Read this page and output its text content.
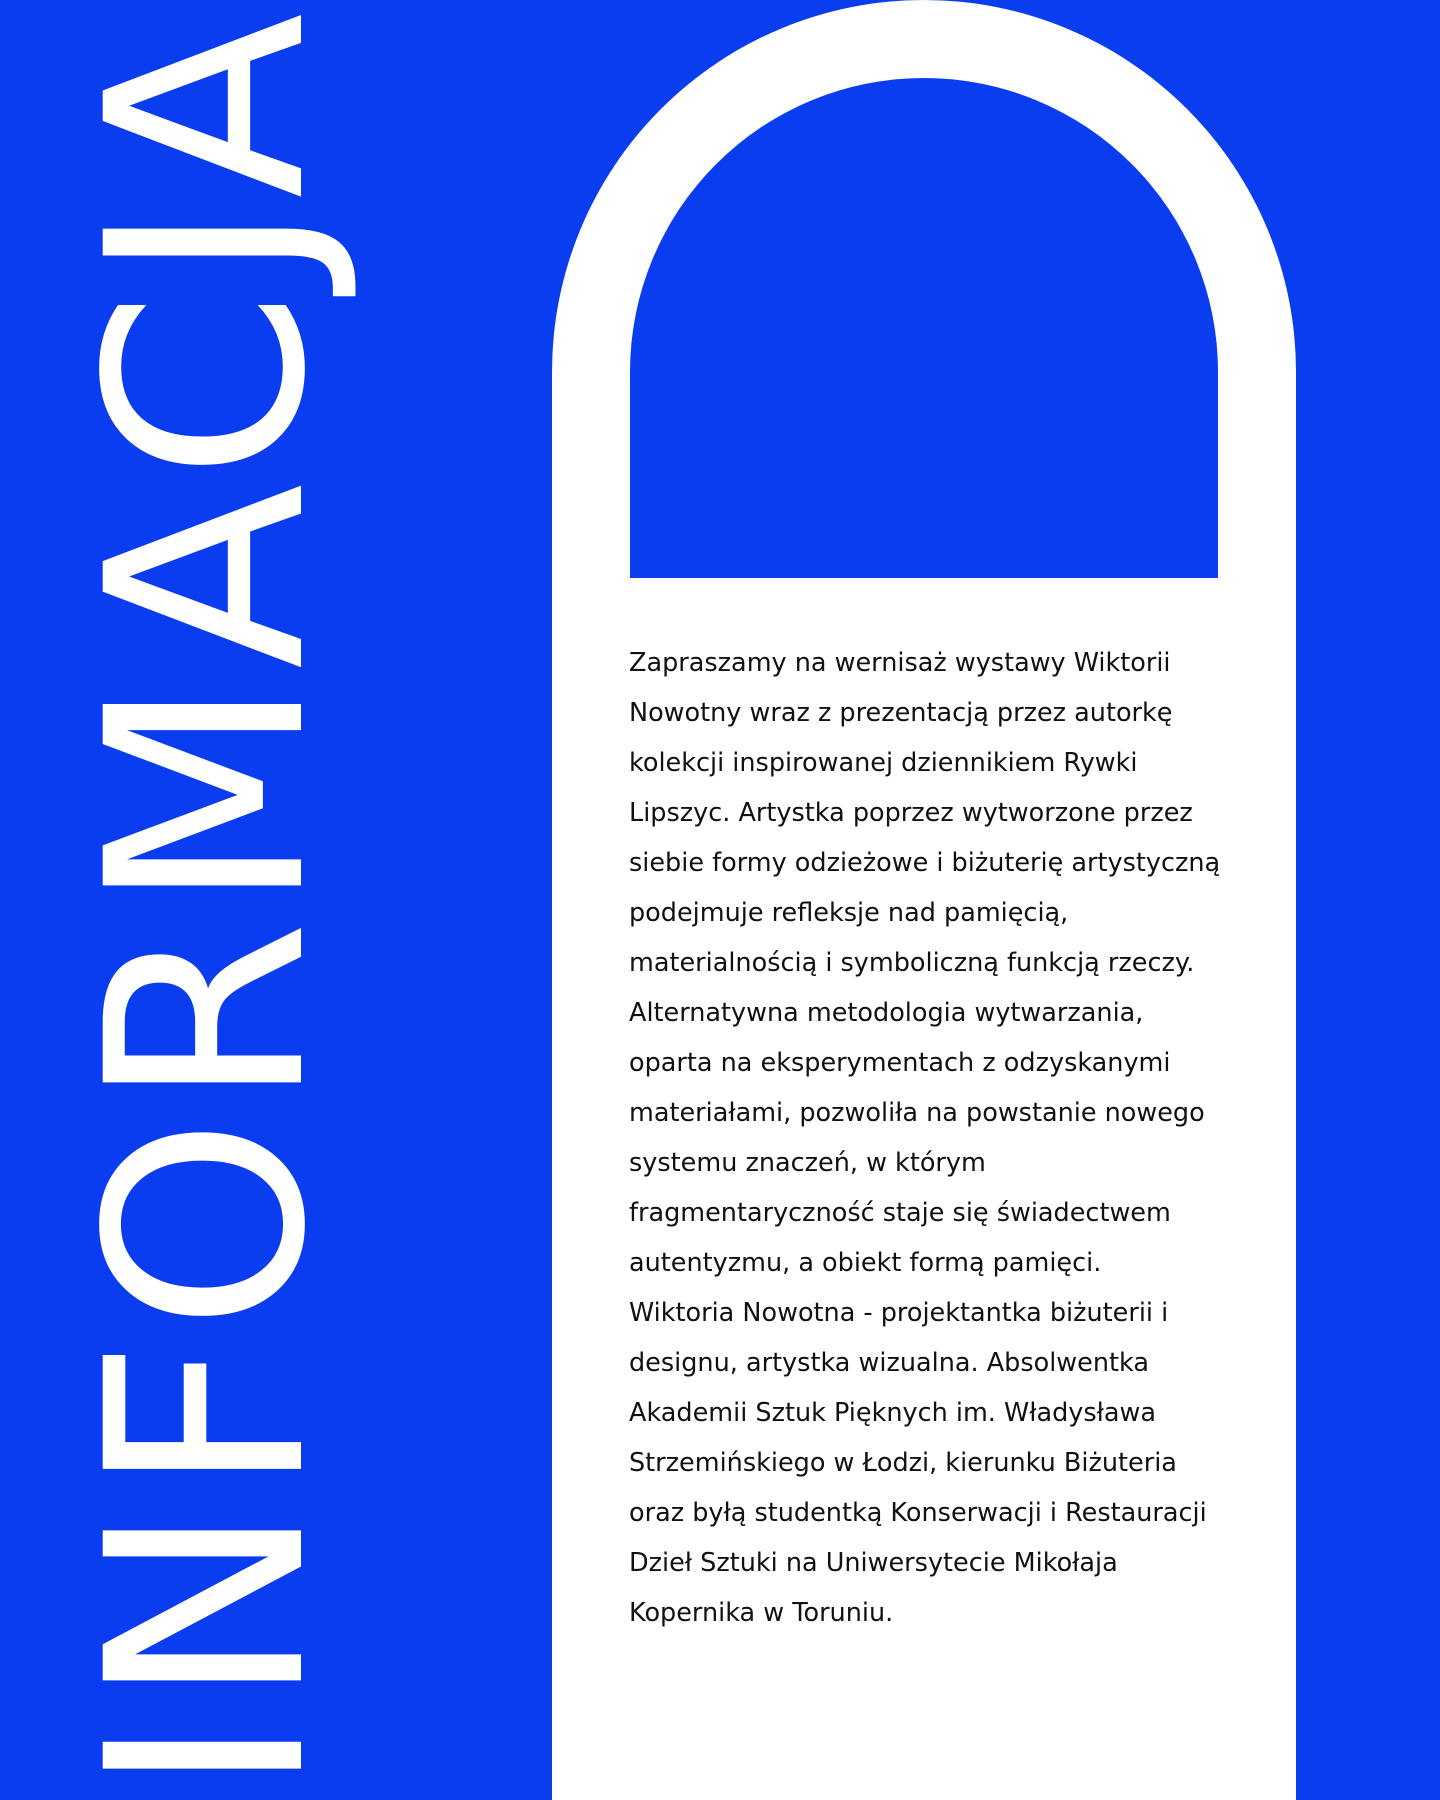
INFORMACJA	Zapraszamy na wernisaż wystawy Wiktorii Nowotny wraz z prezentacją przez autorkę kolekcji inspirowanej dziennikiem Rywki Lipszyc. Artystka poprzez wytworzone przez siebie formy odzieżowe i biżuterię artystyczną podejmuje refleksje nad pamięcią, materialnością i symboliczną funkcją rzeczy. Alternatywna metodologia wytwarzania, oparta na eksperymentach z odzyskanymi materiałami, pozwoliła na powstanie nowego systemu znaczeń, w którym fragmentaryczność staje się świadectwem autentyzmu, a obiekt formą pamięci.

Wiktoria Nowotna - projektantka biżuterii i

designu, artystka wizualna. Absolwentka

Akademii Sztuk Pięknych im. Władysława

Strzemińskiego w Łodzi, kierunku Biżuteria

oraz byłą studentką Konserwacji i Restauracji

Dzieł Sztuki na Uniwersytecie Mikołaja

Kopernika w Toruniu.
